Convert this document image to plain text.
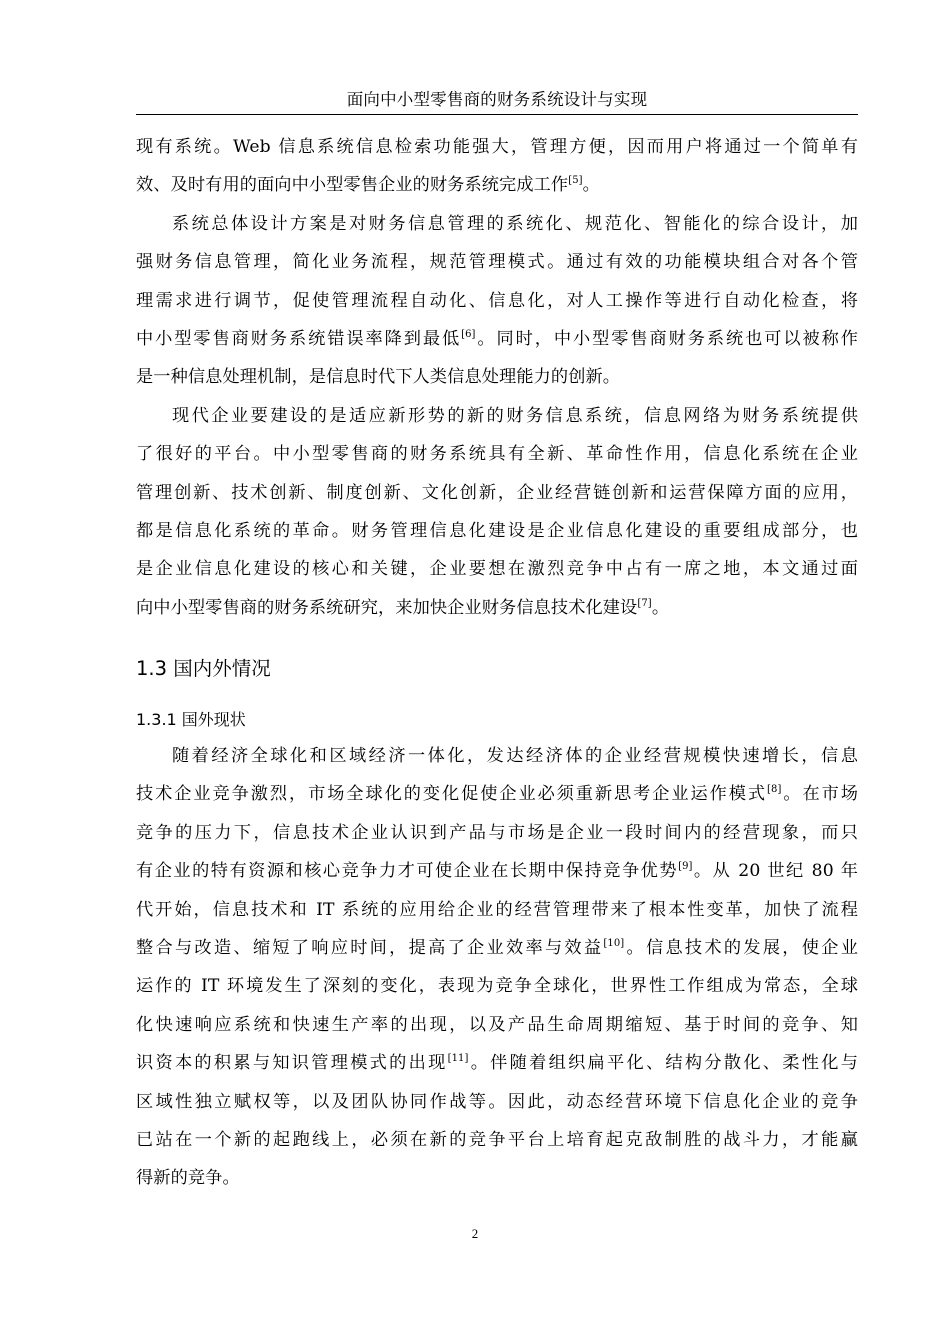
面向中小型零售商的财务系统设计与实现
现有系统。Web 信息系统信息检索功能强大，管理方便，因而用户将通过一个简单有
效、及时有用的面向中小型零售企业的财务系统完成工作[5]。
系统总体设计方案是对财务信息管理的系统化、规范化、智能化的综合设计，加
强财务信息管理，简化业务流程，规范管理模式。通过有效的功能模块组合对各个管
理需求进行调节，促使管理流程自动化、信息化，对人工操作等进行自动化检查，将
中小型零售商财务系统错误率降到最低[6]。同时，中小型零售商财务系统也可以被称作
是一种信息处理机制，是信息时代下人类信息处理能力的创新。
现代企业要建设的是适应新形势的新的财务信息系统，信息网络为财务系统提供
了很好的平台。中小型零售商的财务系统具有全新、革命性作用，信息化系统在企业
管理创新、技术创新、制度创新、文化创新，企业经营链创新和运营保障方面的应用，
都是信息化系统的革命。财务管理信息化建设是企业信息化建设的重要组成部分，也
是企业信息化建设的核心和关键，企业要想在激烈竞争中占有一席之地，本文通过面
向中小型零售商的财务系统研究，来加快企业财务信息技术化建设[7]。
1.3 国内外情况
1.3.1 国外现状
随着经济全球化和区域经济一体化，发达经济体的企业经营规模快速增长，信息
技术企业竞争激烈，市场全球化的变化促使企业必须重新思考企业运作模式[8]。在市场
竞争的压力下，信息技术企业认识到产品与市场是企业一段时间内的经营现象，而只
有企业的特有资源和核心竞争力才可使企业在长期中保持竞争优势[9]。从 20 世纪 80 年
代开始，信息技术和 IT 系统的应用给企业的经营管理带来了根本性变革，加快了流程
整合与改造、缩短了响应时间，提高了企业效率与效益[10]。信息技术的发展，使企业
运作的 IT 环境发生了深刻的变化，表现为竞争全球化，世界性工作组成为常态，全球
化快速响应系统和快速生产率的出现，以及产品生命周期缩短、基于时间的竞争、知
识资本的积累与知识管理模式的出现[11]。伴随着组织扁平化、结构分散化、柔性化与
区域性独立赋权等，以及团队协同作战等。因此，动态经营环境下信息化企业的竞争
已站在一个新的起跑线上，必须在新的竞争平台上培育起克敌制胜的战斗力，才能赢
得新的竞争。
2
